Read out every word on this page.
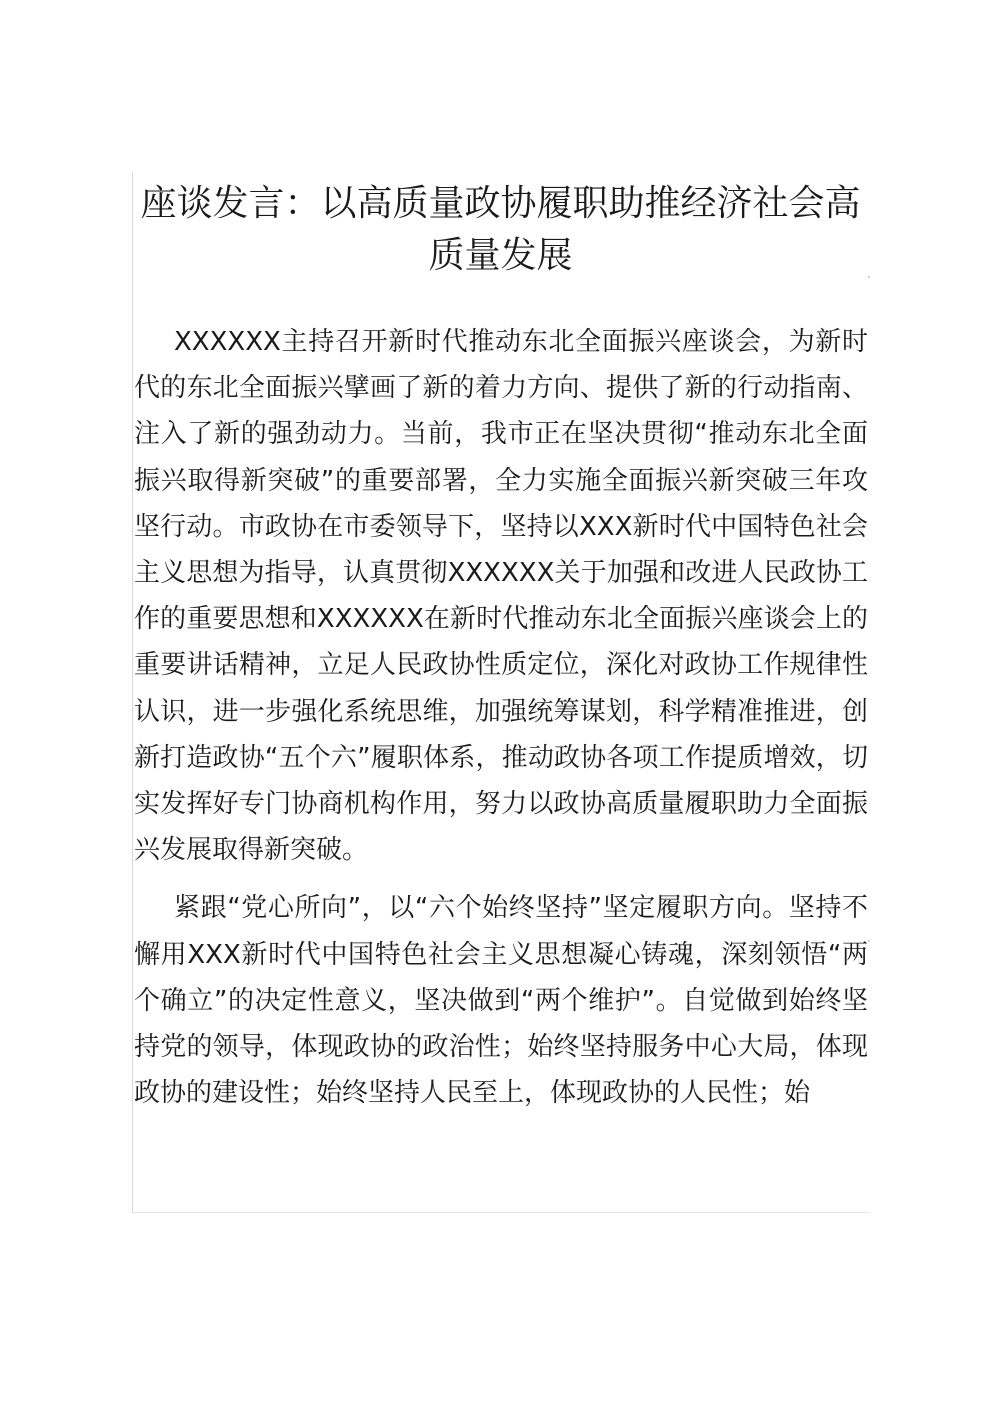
座谈发言：以高质量政协履职助推经济社会高质量发展

XXXXXX主持召开新时代推动东北全面振兴座谈会，为新时代的东北全面振兴擘画了新的着力方向、提供了新的行动指南、注入了新的强劲动力。当前，我市正在坚决贯彻“推动东北全面振兴取得新突破”的重要部署，全力实施全面振兴新突破三年攻坚行动。市政协在市委领导下，坚持以XXX新时代中国特色社会主义思想为指导，认真贯彻XXXXXX关于加强和改进人民政协工作的重要思想和XXXXXX在新时代推动东北全面振兴座谈会上的重要讲话精神，立足人民政协性质定位，深化对政协工作规律性认识，进一步强化系统思维，加强统筹谋划，科学精准推进，创新打造政协“五个六”履职体系，推动政协各项工作提质增效，切实发挥好专门协商机构作用，努力以政协高质量履职助力全面振兴发展取得新突破。

紧跟“党心所向”，以“六个始终坚持”坚定履职方向。坚持不懈用XXX新时代中国特色社会主义思想凝心铸魂，深刻领悟“两个确立”的决定性意义，坚决做到“两个维护”。自觉做到始终坚持党的领导，体现政协的政治性；始终坚持服务中心大局，体现政协的建设性；始终坚持人民至上，体现政协的人民性；始
